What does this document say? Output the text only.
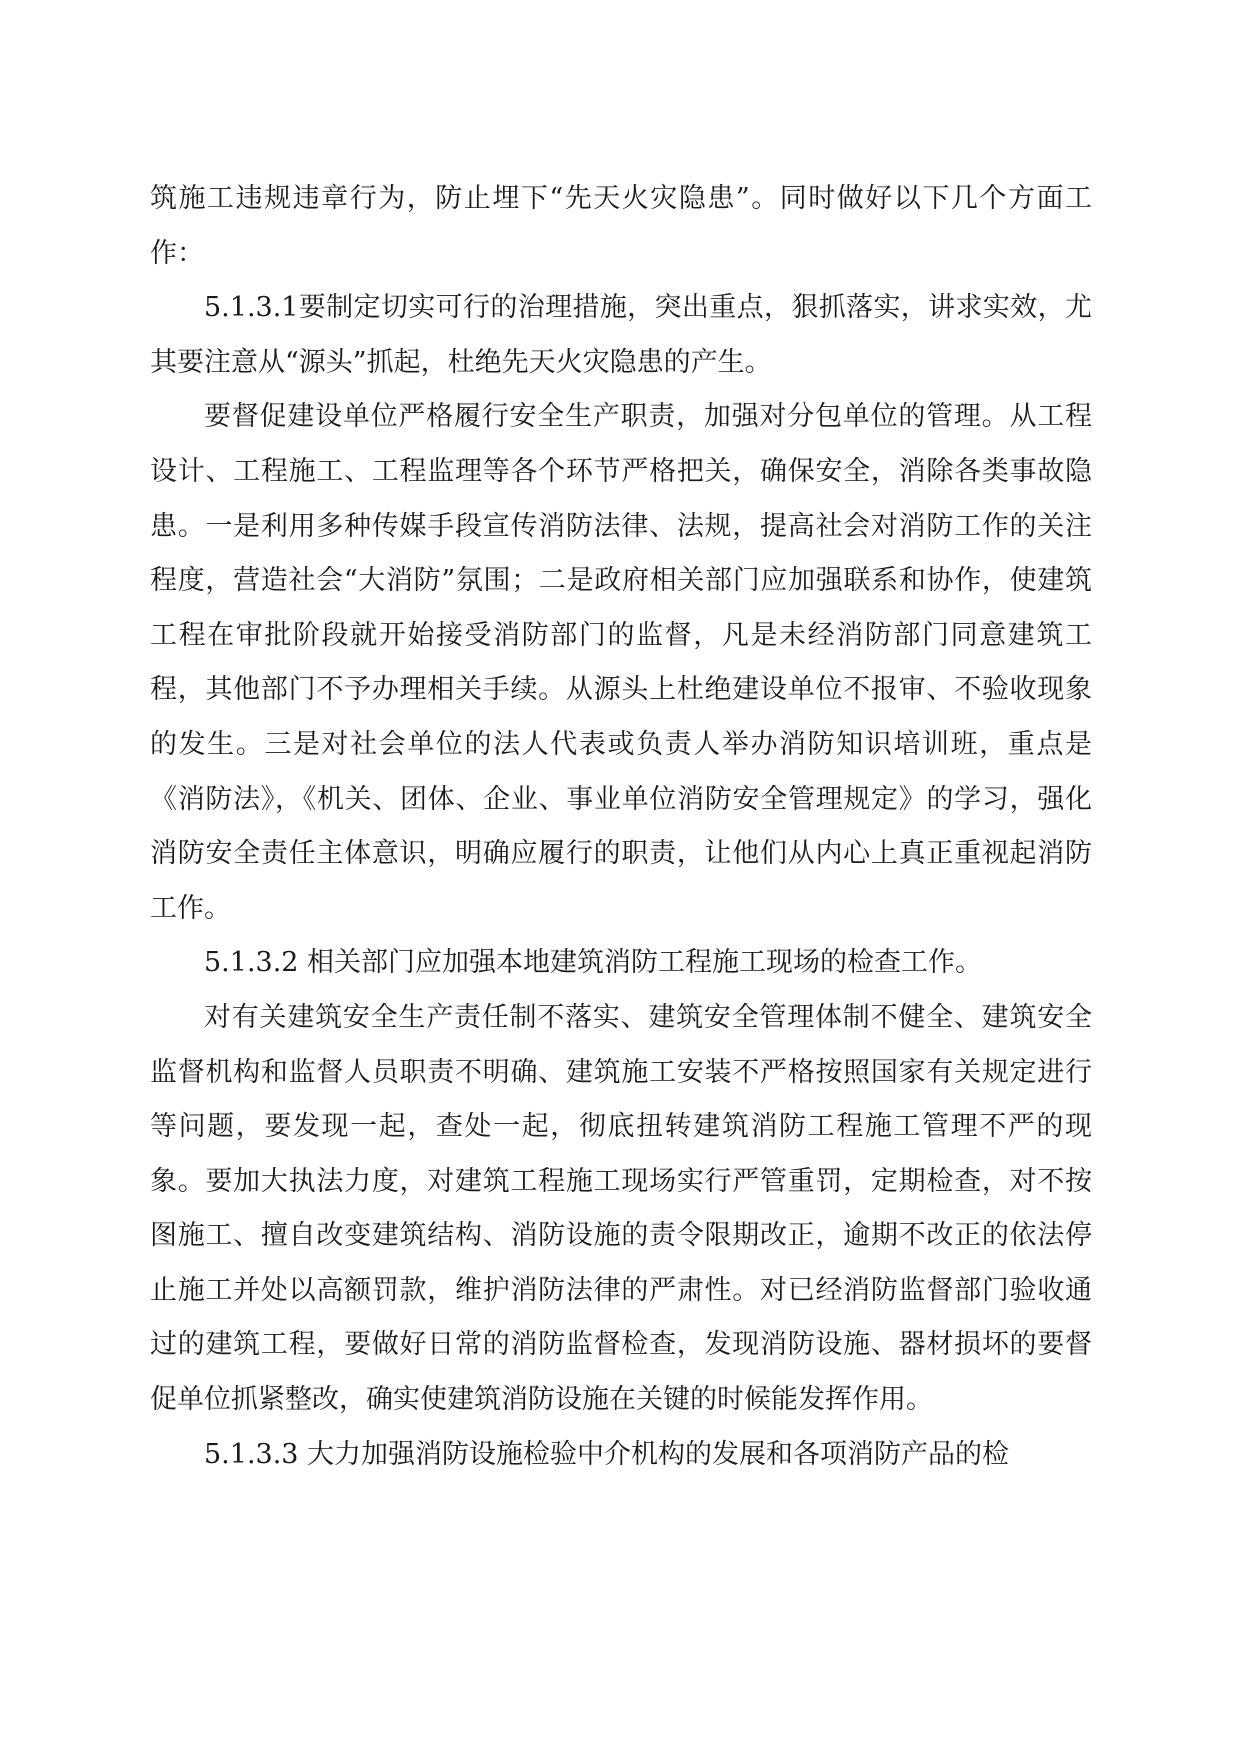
筑施工违规违章行为，防止埋下“先天火灾隐患”。同时做好以下几个方面工作：

5.1.3.1要制定切实可行的治理措施，突出重点，狠抓落实，讲求实效，尤其要注意从“源头”抓起，杜绝先天火灾隐患的产生。

要督促建设单位严格履行安全生产职责，加强对分包单位的管理。从工程设计、工程施工、工程监理等各个环节严格把关，确保安全，消除各类事故隐患。一是利用多种传媒手段宣传消防法律、法规，提高社会对消防工作的关注程度，营造社会“大消防”氛围；二是政府相关部门应加强联系和协作，使建筑工程在审批阶段就开始接受消防部门的监督，凡是未经消防部门同意建筑工程，其他部门不予办理相关手续。从源头上杜绝建设单位不报审、不验收现象的发生。三是对社会单位的法人代表或负责人举办消防知识培训班，重点是《消防法》，《机关、团体、企业、事业单位消防安全管理规定》的学习，强化消防安全责任主体意识，明确应履行的职责，让他们从内心上真正重视起消防工作。

5.1.3.2 相关部门应加强本地建筑消防工程施工现场的检查工作。

对有关建筑安全生产责任制不落实、建筑安全管理体制不健全、建筑安全监督机构和监督人员职责不明确、建筑施工安装不严格按照国家有关规定进行等问题，要发现一起，查处一起，彻底扭转建筑消防工程施工管理不严的现象。要加大执法力度，对建筑工程施工现场实行严管重罚，定期检查，对不按图施工、擅自改变建筑结构、消防设施的责令限期改正，逾期不改正的依法停止施工并处以高额罚款，维护消防法律的严肃性。对已经消防监督部门验收通过的建筑工程，要做好日常的消防监督检查，发现消防设施、器材损坏的要督促单位抓紧整改，确实使建筑消防设施在关键的时候能发挥作用。

5.1.3.3 大力加强消防设施检验中介机构的发展和各项消防产品的检
